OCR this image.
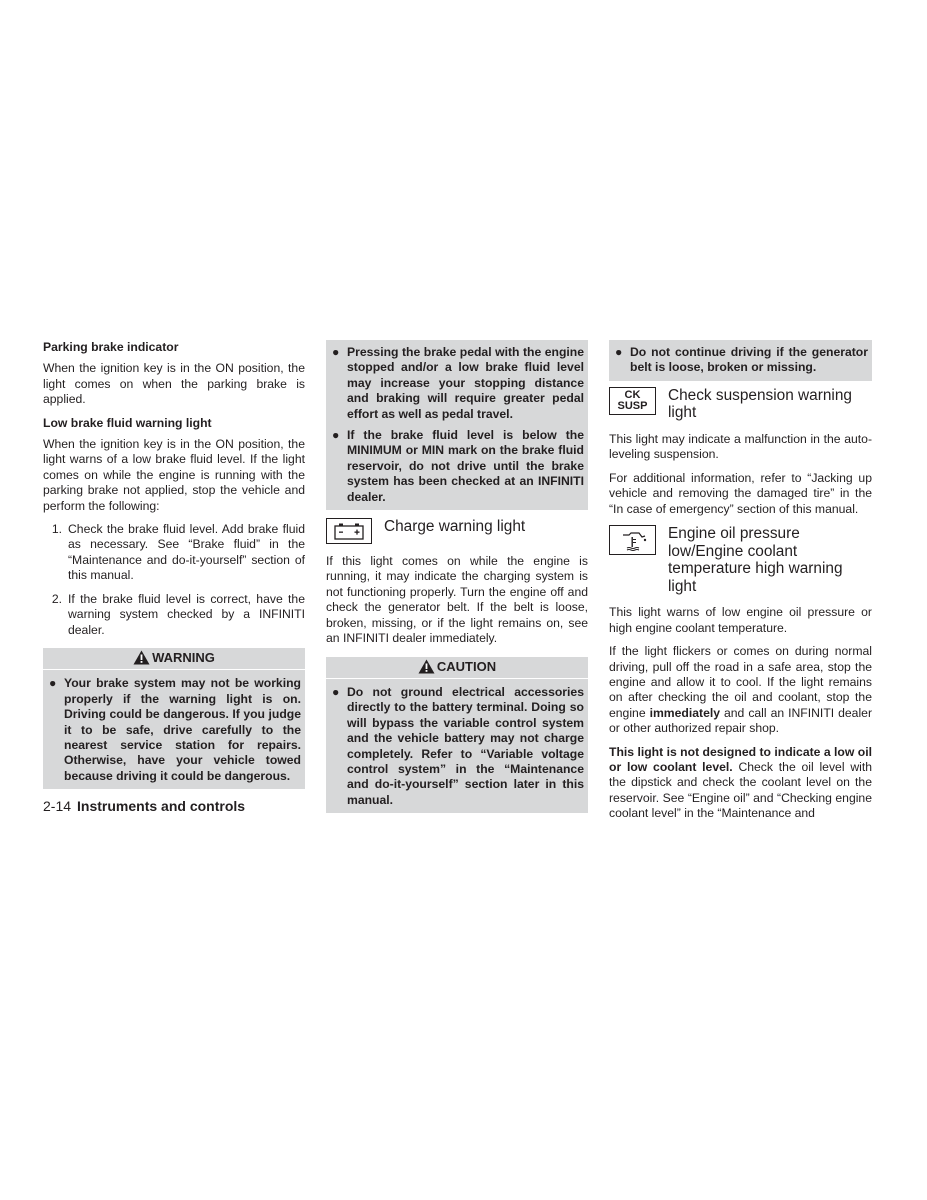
Parking brake indicator

When the ignition key is in the ON position, the light comes on when the parking brake is applied.

Low brake fluid warning light

When the ignition key is in the ON position, the light warns of a low brake fluid level. If the light comes on while the engine is running with the parking brake not applied, stop the vehicle and perform the following:

1. Check the brake fluid level. Add brake fluid as necessary. See “Brake fluid” in the “Maintenance and do-it-yourself” section of this manual.
2. If the brake fluid level is correct, have the warning system checked by a INFINITI dealer.
WARNING
● Your brake system may not be working properly if the warning light is on. Driving could be dangerous. If you judge it to be safe, drive carefully to the nearest service station for repairs. Otherwise, have your vehicle towed because driving it could be dangerous.
● Pressing the brake pedal with the engine stopped and/or a low brake fluid level may increase your stopping distance and braking will require greater pedal effort as well as pedal travel.
● If the brake fluid level is below the MINIMUM or MIN mark on the brake fluid reservoir, do not drive until the brake system has been checked at an INFINITI dealer.
Charge warning light

If this light comes on while the engine is running, it may indicate the charging system is not functioning properly. Turn the engine off and check the generator belt. If the belt is loose, broken, missing, or if the light remains on, see an INFINITI dealer immediately.

CAUTION
● Do not ground electrical accessories directly to the battery terminal. Doing so will bypass the variable control system and the vehicle battery may not charge completely. Refer to “Variable voltage control system” in the “Maintenance and do-it-yourself” section later in this manual.
● Do not continue driving if the generator belt is loose, broken or missing.
CK
SUSP
Check suspension warning light

This light may indicate a malfunction in the auto-leveling suspension.

For additional information, refer to “Jacking up vehicle and removing the damaged tire” in the “In case of emergency” section of this manual.

Engine oil pressure low/Engine coolant temperature high warning light

This light warns of low engine oil pressure or high engine coolant temperature.

If the light flickers or comes on during normal driving, pull off the road in a safe area, stop the engine and allow it to cool. If the light remains on after checking the oil and coolant, stop the engine immediately and call an INFINITI dealer or other authorized repair shop.

This light is not designed to indicate a low oil or low coolant level. Check the oil level with the dipstick and check the coolant level on the reservoir. See “Engine oil” and “Checking engine coolant level” in the “Maintenance and

2-14 Instruments and controls
